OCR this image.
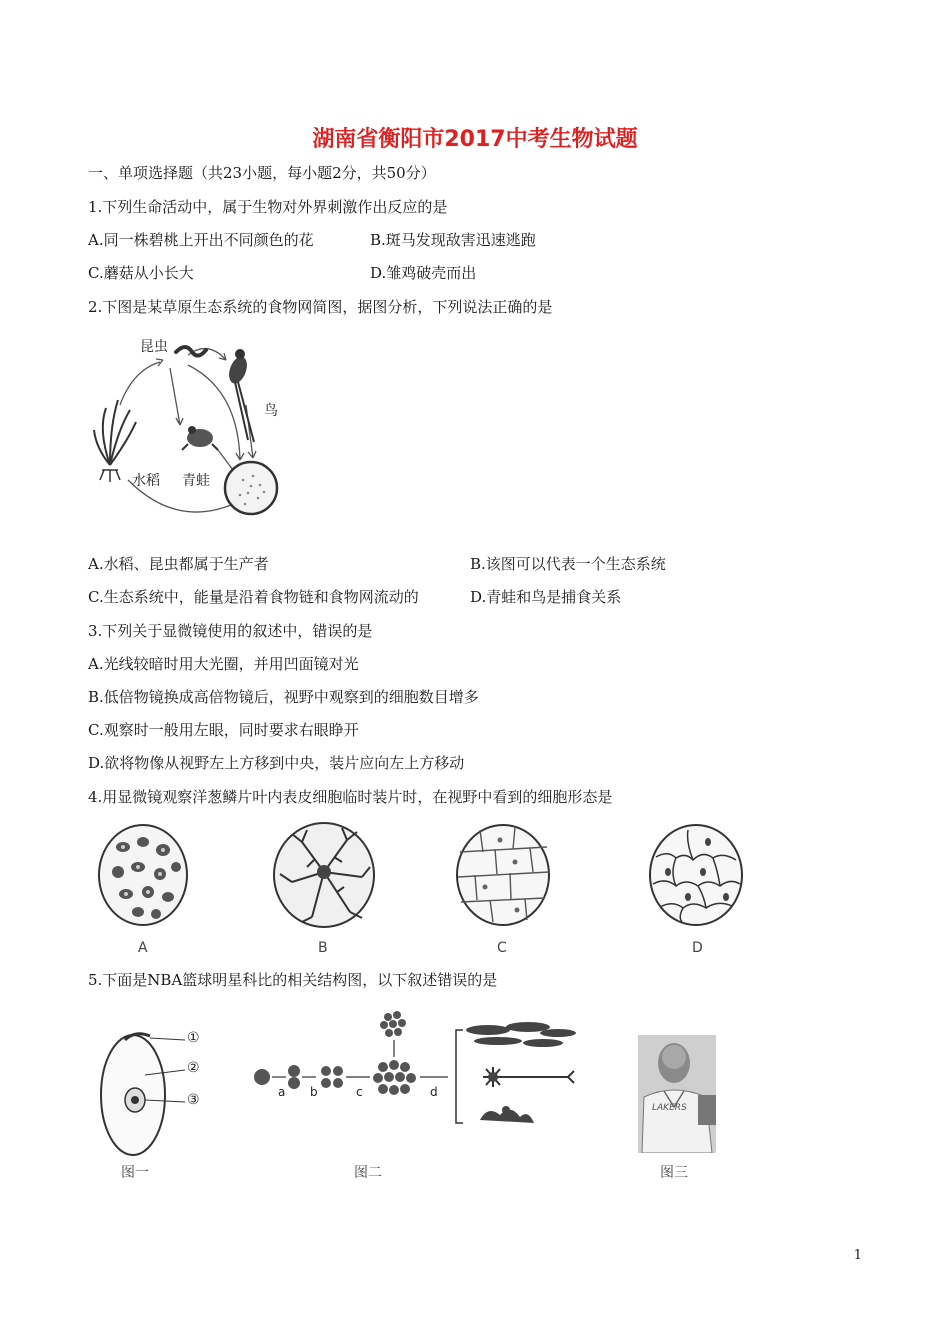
湖南省衡阳市2017中考生物试题
一、单项选择题（共23小题，每小题2分，共50分）
1.下列生命活动中，属于生物对外界刺激作出反应的是
A.同一株碧桃上开出不同颜色的花	B.斑马发现敌害迅速逃跑
C.蘑菇从小长大	D.雏鸡破壳而出
2.下图是某草原生态系统的食物网简图，据图分析，下列说法正确的是
昆虫
鸟
水稻 青蛙
A.水稻、昆虫都属于生产者	B.该图可以代表一个生态系统
C.生态系统中，能量是沿着食物链和食物网流动的	D.青蛙和鸟是捕食关系
3.下列关于显微镜使用的叙述中，错误的是
A.光线较暗时用大光圈，并用凹面镜对光
B.低倍物镜换成高倍物镜后，视野中观察到的细胞数目增多
C.观察时一般用左眼，同时要求右眼睁开
D.欲将物像从视野左上方移到中央，装片应向左上方移动
4.用显微镜观察洋葱鳞片叶内表皮细胞临时装片时，在视野中看到的细胞形态是
A	B	C	D
5.下面是NBA篮球明星科比的相关结构图，以下叙述错误的是
①
②
③
图一
a b	c	d
图二
LAKERS
图三
1
